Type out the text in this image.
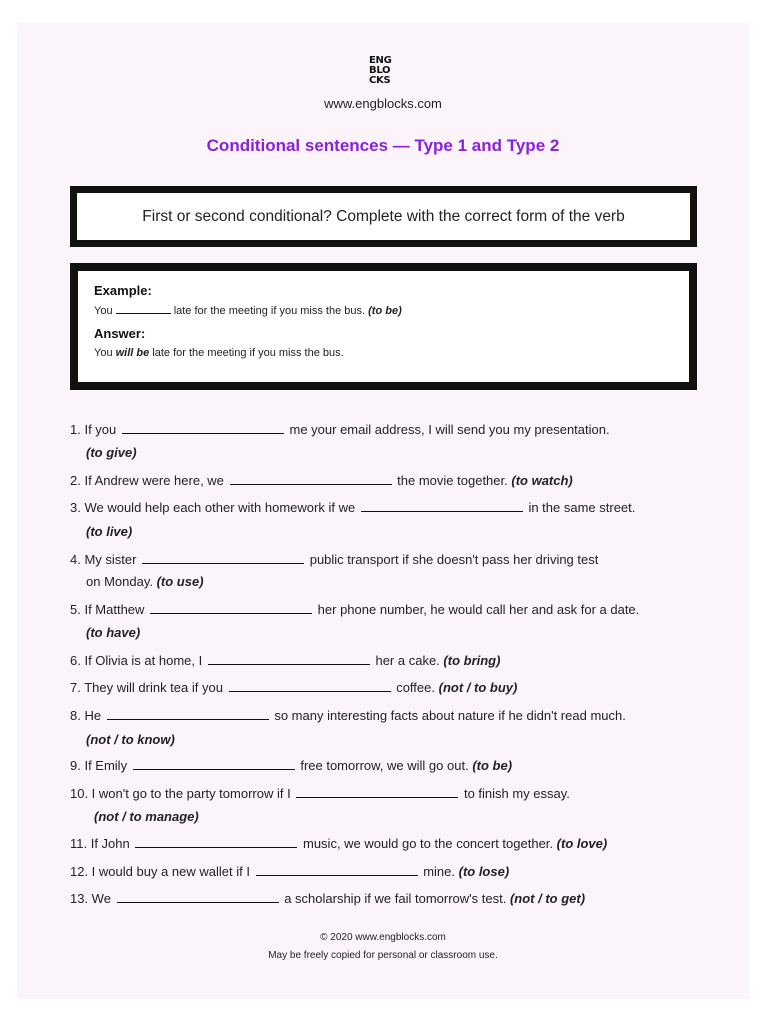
ENG
BLO
CKS
www.engblocks.com
Conditional sentences — Type 1 and Type 2
First or second conditional? Complete with the correct form of the verb
Example:
You	late for the meeting if you miss the bus. (to be)
Answer:
You will be late for the meeting if you miss the bus.
1. If you	me your email address, I will send you my presentation.
(to give)
2. If Andrew were here, we	the movie together. (to watch)
3. We would help each other with homework if we	in the same street.
(to live)
4. My sister	public transport if she doesn't pass her driving test
on Monday. (to use)
5. If Matthew	her phone number, he would call her and ask for a date.
(to have)
6. If Olivia is at home, I	her a cake. (to bring)
7. They will drink tea if you	coffee. (not / to buy)
8. He	so many interesting facts about nature if he didn't read much.
(not / to know)
9. If Emily	free tomorrow, we will go out. (to be)
10. I won't go to the party tomorrow if I	to finish my essay.
(not / to manage)
11. If John	music, we would go to the concert together. (to love)
12. I would buy a new wallet if I	mine. (to lose)
13. We	a scholarship if we fail tomorrow's test. (not / to get)
© 2020 www.engblocks.com
May be freely copied for personal or classroom use.
